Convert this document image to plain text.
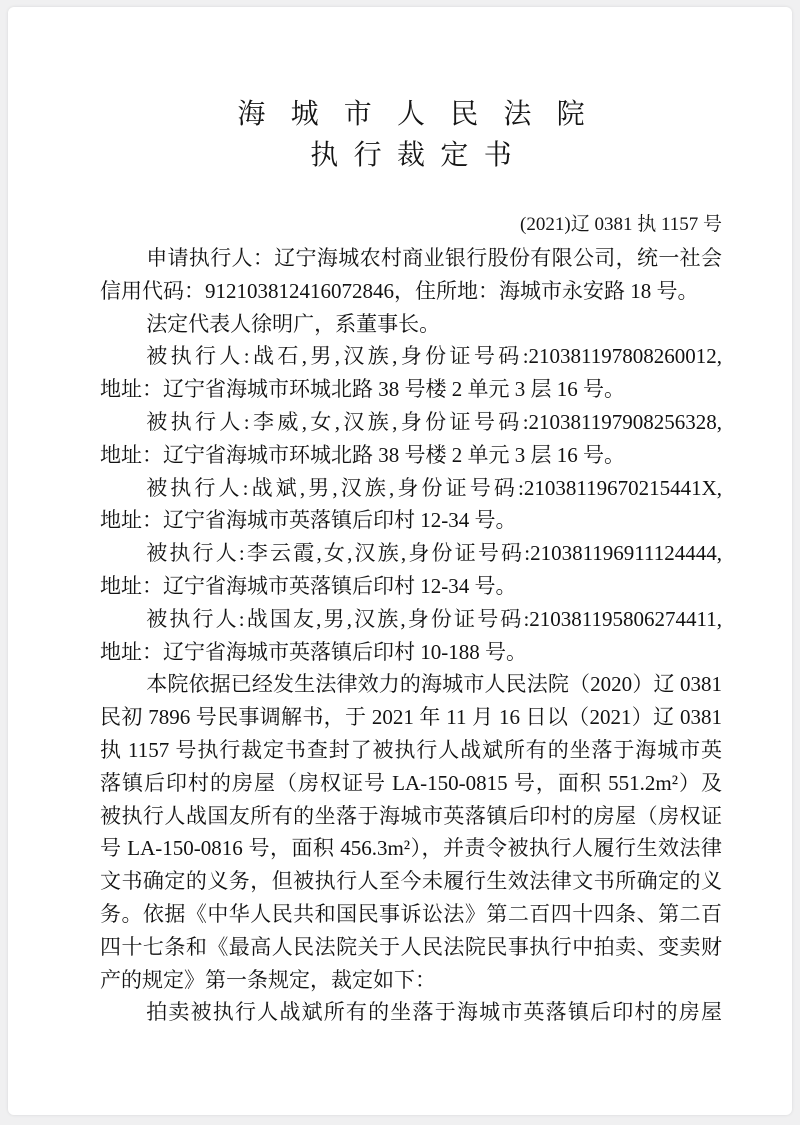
海城市人民法院
执行裁定书
(2021)辽 0381 执 1157 号
申请执行人：辽宁海城农村商业银行股份有限公司，统一社会
信用代码：912103812416072846，住所地：海城市永安路 18 号。
法定代表人徐明广，系董事长。
被执行人:战石,男,汉族,身份证号码:210381197808260012,
地址：辽宁省海城市环城北路 38 号楼 2 单元 3 层 16 号。
被执行人:李威,女,汉族,身份证号码:210381197908256328,
地址：辽宁省海城市环城北路 38 号楼 2 单元 3 层 16 号。
被执行人:战斌,男,汉族,身份证号码:21038119670215441X,
地址：辽宁省海城市英落镇后印村 12-34 号。
被执行人:李云霞,女,汉族,身份证号码:210381196911124444,
地址：辽宁省海城市英落镇后印村 12-34 号。
被执行人:战国友,男,汉族,身份证号码:210381195806274411,
地址：辽宁省海城市英落镇后印村 10-188 号。
本院依据已经发生法律效力的海城市人民法院（2020）辽 0381
民初 7896 号民事调解书，于 2021 年 11 月 16 日以（2021）辽 0381
执 1157 号执行裁定书查封了被执行人战斌所有的坐落于海城市英
落镇后印村的房屋（房权证号 LA-150-0815 号，面积 551.2m²）及
被执行人战国友所有的坐落于海城市英落镇后印村的房屋（房权证
号 LA-150-0816 号，面积 456.3m²），并责令被执行人履行生效法律
文书确定的义务，但被执行人至今未履行生效法律文书所确定的义
务。依据《中华人民共和国民事诉讼法》第二百四十四条、第二百
四十七条和《最高人民法院关于人民法院民事执行中拍卖、变卖财
产的规定》第一条规定，裁定如下：
拍卖被执行人战斌所有的坐落于海城市英落镇后印村的房屋
